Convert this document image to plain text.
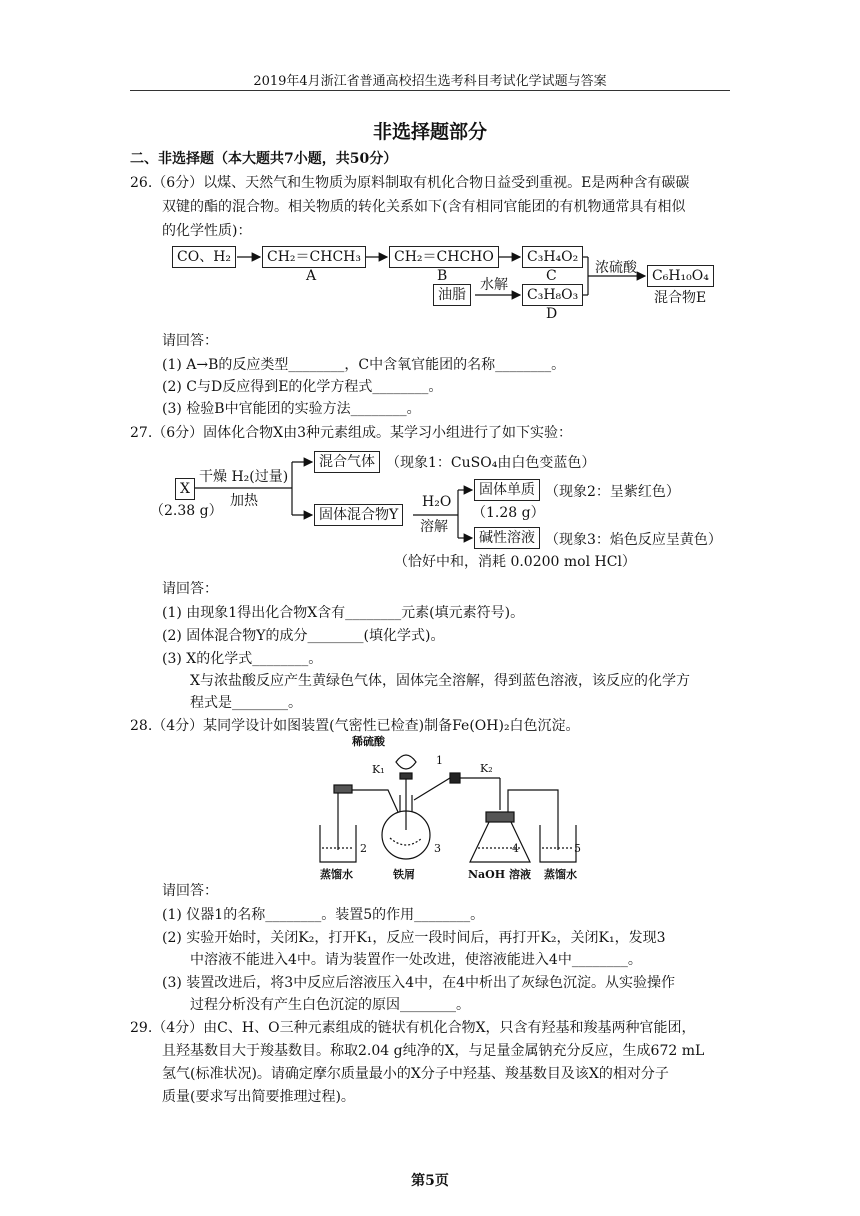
2019年4月浙江省普通高校招生选考科目考试化学试题与答案
非选择题部分
二、非选择题（本大题共7小题，共50分）
26.（6分）以煤、天然气和生物质为原料制取有机化合物日益受到重视。E是两种含有碳碳
双键的酯的混合物。相关物质的转化关系如下(含有相同官能团的有机物通常具有相似
的化学性质)：
CO、H₂	CH₂＝CHCH₃
A
CH₂＝CHCHO
B
C₃H₄O₂
C
油脂
水解
C₃H₈O₃
D
浓硫酸	C₆H₁₀O₄
混合物E
请回答：
(1) A→B的反应类型________，C中含氧官能团的名称________。
(2) C与D反应得到E的化学方程式________。
(3) 检验B中官能团的实验方法________。
27.（6分）固体化合物X由3种元素组成。某学习小组进行了如下实验：
X
（2.38 g）
干燥 H₂(过量)
加热
混合气体 （现象1：CuSO₄由白色变蓝色）
固体混合物Y
H₂O
溶解
固体单质 （现象2：呈紫红色）
（1.28 g）
碱性溶液 （现象3：焰色反应呈黄色）
（恰好中和，消耗 0.0200 mol HCl）
请回答：
(1) 由现象1得出化合物X含有________元素(填元素符号)。
(2) 固体混合物Y的成分________(填化学式)。
(3) X的化学式________。
X与浓盐酸反应产生黄绿色气体，固体完全溶解，得到蓝色溶液，该反应的化学方
程式是________。
28.（4分）某同学设计如图装置(气密性已检查)制备Fe(OH)₂白色沉淀。
稀硫酸
K₁	K₂
1
2	3	4	5
蒸馏水	铁屑	NaOH 溶液 蒸馏水
请回答：
(1) 仪器1的名称________。装置5的作用________。
(2) 实验开始时，关闭K₂，打开K₁，反应一段时间后，再打开K₂，关闭K₁，发现3
中溶液不能进入4中。请为装置作一处改进，使溶液能进入4中________。
(3) 装置改进后，将3中反应后溶液压入4中，在4中析出了灰绿色沉淀。从实验操作
过程分析没有产生白色沉淀的原因________。
29.（4分）由C、H、O三种元素组成的链状有机化合物X，只含有羟基和羧基两种官能团，
且羟基数目大于羧基数目。称取2.04 g纯净的X，与足量金属钠充分反应，生成672 mL
氢气(标准状况)。请确定摩尔质量最小的X分子中羟基、羧基数目及该X的相对分子
质量(要求写出简要推理过程)。
第5页
